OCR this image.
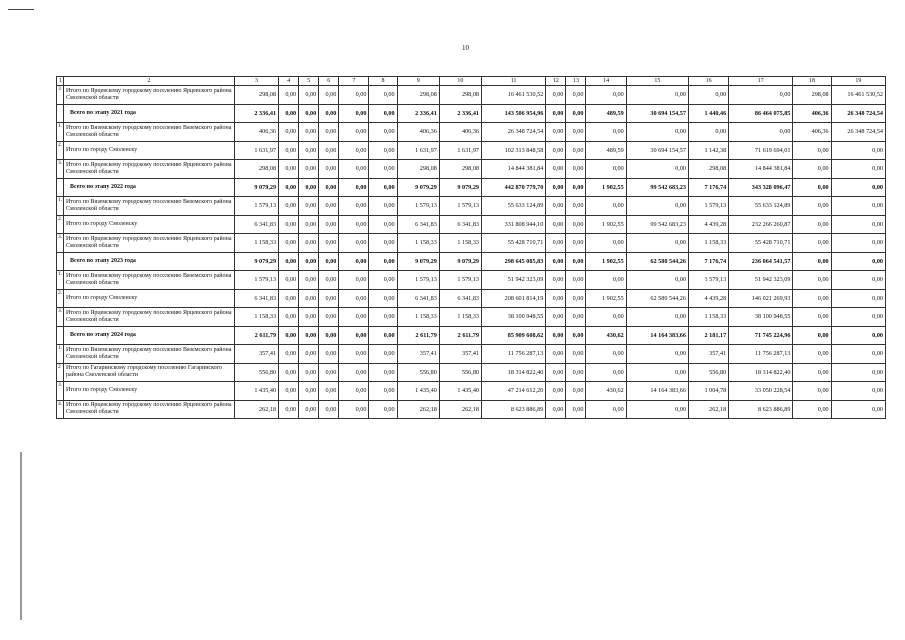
10
1	2	3	4	5	6	7	8	9	10	11	12	13	14	15	16	17	18	19
3	Итого по Ярцевскому городскому поселению Ярцевского района Смоленской области	298,08	0,00	0,00	0,00	0,00	0,00	298,08	298,08	16 461 530,52	0,00	0,00	0,00	0,00	0,00	0,00	298,08	16 461 530,52
	Всего по этапу 2021 года	2 336,41	0,00	0,00	0,00	0,00	0,00	2 336,41	2 336,41	143 506 954,96	0,00	0,00	489,59	30 694 154,57	1 440,46	86 464 075,85	406,36	26 348 724,54
1.	Итого по Вяземскому городскому поселению Вяземского района Смоленской области	406,36	0,00	0,00	0,00	0,00	0,00	406,36	406,36	26 348 724,54	0,00	0,00	0,00	0,00	0,00	0,00	406,36	26 348 724,54
2.	Итого по городу Смоленску	1 631,97	0,00	0,00	0,00	0,00	0,00	1 631,97	1 631,97	102 313 848,58	0,00	0,00	489,59	30 694 154,57	1 142,38	71 619 694,01	0,00	0,00
3.	Итого по Ярцевскому городскому поселению Ярцевского района Смоленской области	298,08	0,00	0,00	0,00	0,00	0,00	298,08	298,08	14 844 381,84	0,00	0,00	0,00	0,00	298,08	14 844 381,84	0,00	0,00
	Всего по этапу 2022 года	9 079,29	0,00	0,00	0,00	0,00	0,00	9 079,29	9 079,29	442 870 779,70	0,00	0,00	1 902,55	99 542 683,23	7 176,74	343 328 096,47	0,00	0,00
1.	Итого по Вяземскому городскому поселению Вяземского района Смоленской области	1 579,13	0,00	0,00	0,00	0,00	0,00	1 579,13	1 579,13	55 633 124,89	0,00	0,00	0,00	0,00	1 579,13	55 633 124,89	0,00	0,00
2.	Итого по городу Смоленску	6 341,83	0,00	0,00	0,00	0,00	0,00	6 341,83	6 341,83	331 808 944,10	0,00	0,00	1 902,55	99 542 683,23	4 439,28	232 266 260,87	0,00	0,00
3.	Итого по Ярцевскому городскому поселению Ярцевского района Смоленской области	1 158,33	0,00	0,00	0,00	0,00	0,00	1 158,33	1 158,33	55 428 710,71	0,00	0,00	0,00	0,00	1 158,33	55 428 710,71	0,00	0,00
	Всего по этапу 2023 года	9 079,29	0,00	0,00	0,00	0,00	0,00	9 079,29	9 079,29	298 645 085,83	0,00	0,00	1 902,55	62 580 544,26	7 176,74	236 064 541,57	0,00	0,00
1.	Итого по Вяземскому городскому поселению Вяземского района Смоленской области	1 579,13	0,00	0,00	0,00	0,00	0,00	1 579,13	1 579,13	51 942 323,09	0,00	0,00	0,00	0,00	1 579,13	51 942 323,09	0,00	0,00
2.	Итого по городу Смоленску	6 341,83	0,00	0,00	0,00	0,00	0,00	6 341,83	6 341,83	208 601 814,19	0,00	0,00	1 902,55	62 580 544,26	4 439,28	146 021 269,93	0,00	0,00
3.	Итого по Ярцевскому городскому поселению Ярцевского района Смоленской области	1 158,33	0,00	0,00	0,00	0,00	0,00	1 158,33	1 158,33	38 100 948,55	0,00	0,00	0,00	0,00	1 158,33	38 100 948,55	0,00	0,00
	Всего по этапу 2024 года	2 611,79	0,00	0,00	0,00	0,00	0,00	2 611,79	2 611,79	85 909 608,62	0,00	0,00	430,62	14 164 383,66	2 181,17	71 745 224,96	0,00	0,00
1.	Итого по Вяземскому городскому поселению Вяземского района Смоленской области	357,41	0,00	0,00	0,00	0,00	0,00	357,41	357,41	11 756 287,13	0,00	0,00	0,00	0,00	357,41	11 756 287,13	0,00	0,00
2	Итого по Гагаринскому городскому поселению Гагаринского района Смоленской области	556,80	0,00	0,00	0,00	0,00	0,00	556,80	556,80	18 314 822,40	0,00	0,00	0,00	0,00	556,80	18 314 822,40	0,00	0,00
3.	Итого по городу Смоленску	1 435,40	0,00	0,00	0,00	0,00	0,00	1 435,40	1 435,40	47 214 612,20	0,00	0,00	430,62	14 164 383,66	1 004,78	33 050 228,54	0,00	0,00
4.	Итого по Ярцевскому городскому поселению Ярцевского района Смоленской области	262,18	0,00	0,00	0,00	0,00	0,00	262,18	262,18	8 623 886,89	0,00	0,00	0,00	0,00	262,18	8 623 886,89	0,00	0,00
